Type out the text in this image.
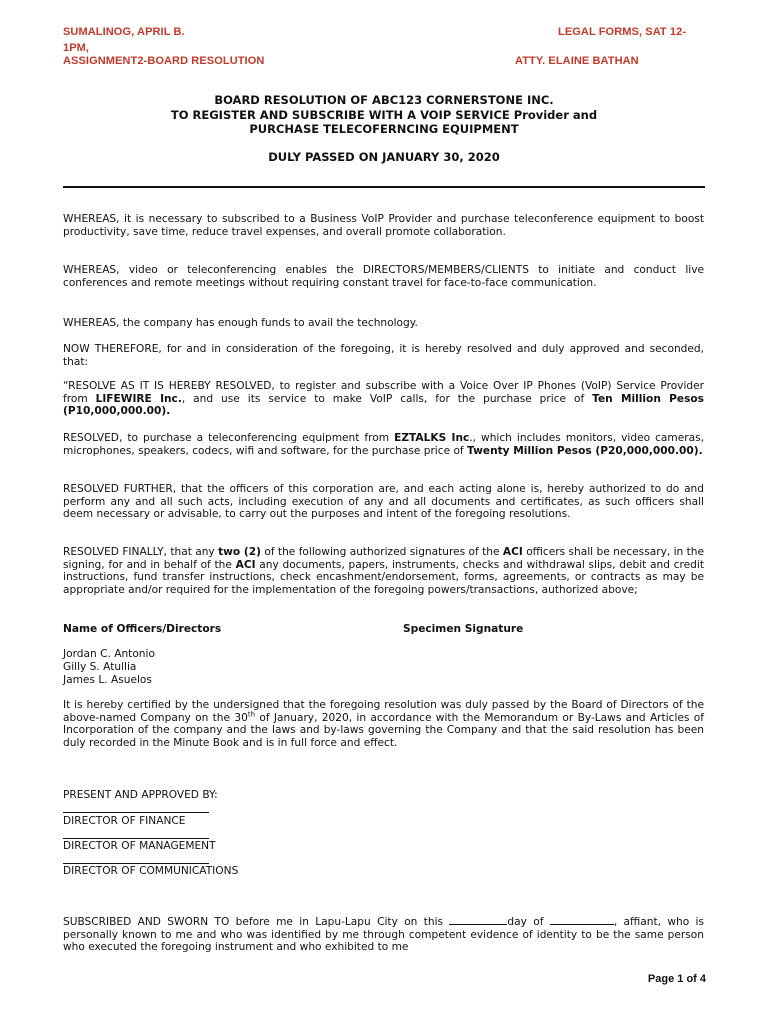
SUMALINOG, APRIL B.
1PM,
ASSIGNMENT2-BOARD RESOLUTION
LEGAL FORMS, SAT 12-
ATTY. ELAINE BATHAN
BOARD RESOLUTION OF ABC123 CORNERSTONE INC.
TO REGISTER AND SUBSCRIBE WITH A VOIP SERVICE Provider and
PURCHASE TELECOFERNCING EQUIPMENT
DULY PASSED ON JANUARY 30, 2020
WHEREAS, it is necessary to subscribed to a Business VoIP Provider and purchase teleconference equipment to boost productivity, save time, reduce travel expenses, and overall promote collaboration.
WHEREAS, video or teleconferencing enables the DIRECTORS/MEMBERS/CLIENTS to initiate and conduct live conferences and remote meetings without requiring constant travel for face-to-face communication.
WHEREAS, the company has enough funds to avail the technology.
NOW THEREFORE, for and in consideration of the foregoing, it is hereby resolved and duly approved and seconded, that:
“RESOLVE AS IT IS HEREBY RESOLVED, to register and subscribe with a Voice Over IP Phones (VoIP) Service Provider from LIFEWIRE Inc., and use its service to make VoIP calls, for the purchase price of Ten Million Pesos (P10,000,000.00).
RESOLVED, to purchase a teleconferencing equipment from EZTALKS Inc., which includes monitors, video cameras, microphones, speakers, codecs, wifi and software, for the purchase price of Twenty Million Pesos (P20,000,000.00).
RESOLVED FURTHER, that the officers of this corporation are, and each acting alone is, hereby authorized to do and perform any and all such acts, including execution of any and all documents and certificates, as such officers shall deem necessary or advisable, to carry out the purposes and intent of the foregoing resolutions.
RESOLVED FINALLY, that any two (2) of the following authorized signatures of the ACI officers shall be necessary, in the signing, for and in behalf of the ACI any documents, papers, instruments, checks and withdrawal slips, debit and credit instructions, fund transfer instructions, check encashment/endorsement, forms, agreements, or contracts as may be appropriate and/or required for the implementation of the foregoing powers/transactions, authorized above;
Name of Officers/Directors	Specimen Signature
Jordan C. Antonio
Gilly S. Atullia
James L. Asuelos
It is hereby certified by the undersigned that the foregoing resolution was duly passed by the Board of Directors of the above-named Company on the 30th of January, 2020, in accordance with the Memorandum or By-Laws and Articles of Incorporation of the company and the laws and by-laws governing the Company and that the said resolution has been duly recorded in the Minute Book and is in full force and effect.
PRESENT AND APPROVED BY:
DIRECTOR OF FINANCE
DIRECTOR OF MANAGEMENT
DIRECTOR OF COMMUNICATIONS
SUBSCRIBED AND SWORN TO before me in Lapu-Lapu City on this	day of	, affiant, who is personally known to me and who was identified by me through competent evidence of identity to be the same person who executed the foregoing instrument and who exhibited to me
Page 1 of 4
